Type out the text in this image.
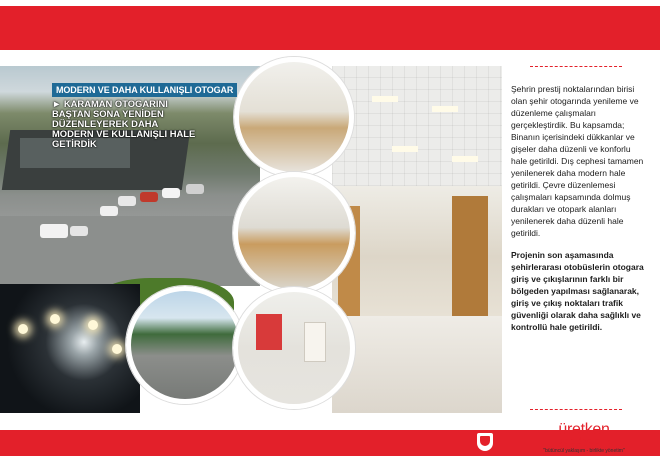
MODERN VE DAHA KULLANIŞLI OTOGAR
► KARAMAN OTOGARINI BAŞTAN SONA YENİDEN DÜZENLEYEREK DAHA MODERN VE KULLANIŞLI HALE GETİRDİK

Şehrin prestij noktalarından birisi olan şehir otogarında yenileme ve düzenleme çalışmaları gerçekleştirdik. Bu kapsamda; Binanın içerisindeki dükkanlar ve gişeler daha düzenli ve konforlu hale getirildi. Dış cephesi tamamen yenilenerek daha modern hale getirildi. Çevre düzenlemesi çalışmaları kapsamında dolmuş durakları ve otopark alanları yenilenerek daha düzenli hale getirildi.

Projenin son aşamasında şehirlerarası otobüslerin otogara giriş ve çıkışlarının farklı bir bölgeden yapılması sağlanarak, giriş ve çıkış noktaları trafik güvenliği olarak daha sağlıklı ve kontrollü hale getirildi.

üretken
belediyecilik
"bütüncül yaklaşım - birlikte yönetim"
